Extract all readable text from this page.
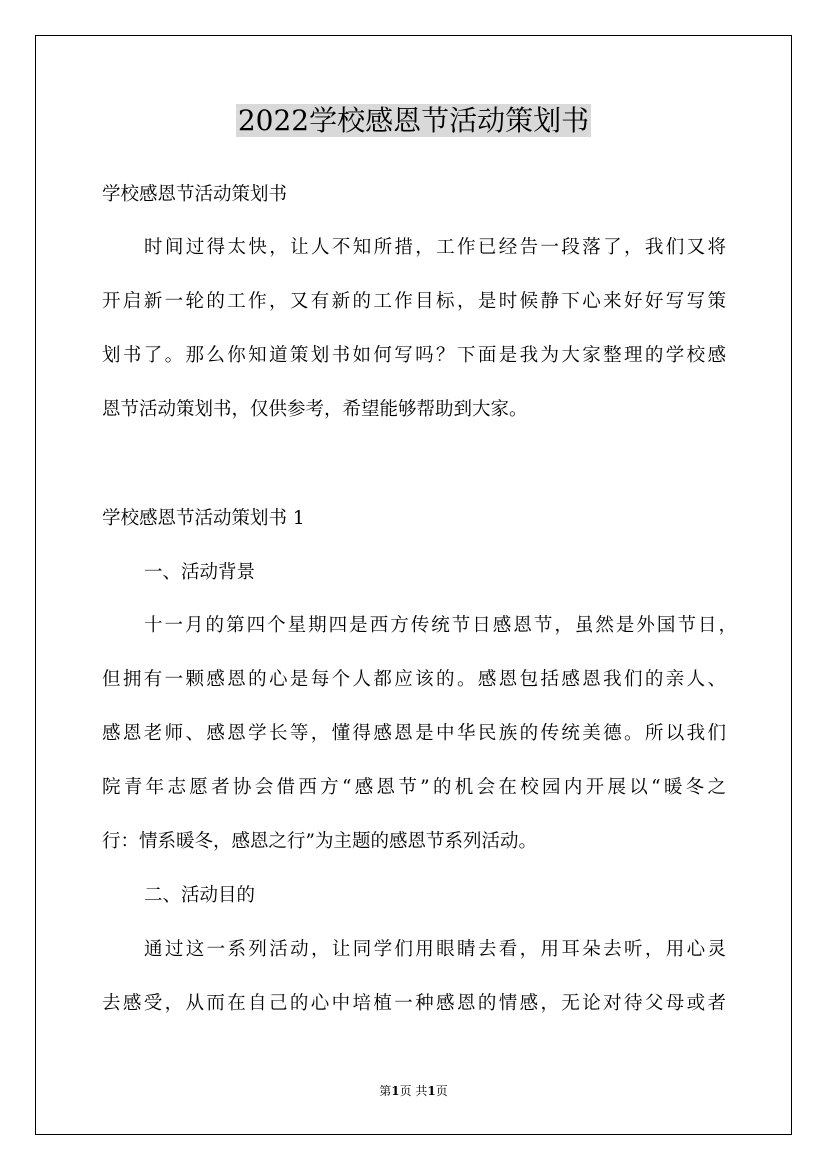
2022学校感恩节活动策划书
学校感恩节活动策划书
时间过得太快，让人不知所措，工作已经告一段落了，我们又将
开启新一轮的工作，又有新的工作目标，是时候静下心来好好写写策
划书了。那么你知道策划书如何写吗？下面是我为大家整理的学校感
恩节活动策划书，仅供参考，希望能够帮助到大家。
学校感恩节活动策划书 1
一、活动背景
十一月的第四个星期四是西方传统节日感恩节，虽然是外国节日，
但拥有一颗感恩的心是每个人都应该的。感恩包括感恩我们的亲人、
感恩老师、感恩学长等，懂得感恩是中华民族的传统美德。所以我们
院青年志愿者协会借西方“感恩节”的机会在校园内开展以“暖冬之
行：情系暖冬，感恩之行”为主题的感恩节系列活动。
二、活动目的
通过这一系列活动，让同学们用眼睛去看，用耳朵去听，用心灵
去感受，从而在自己的心中培植一种感恩的情感，无论对待父母或者
第1页 共1页
